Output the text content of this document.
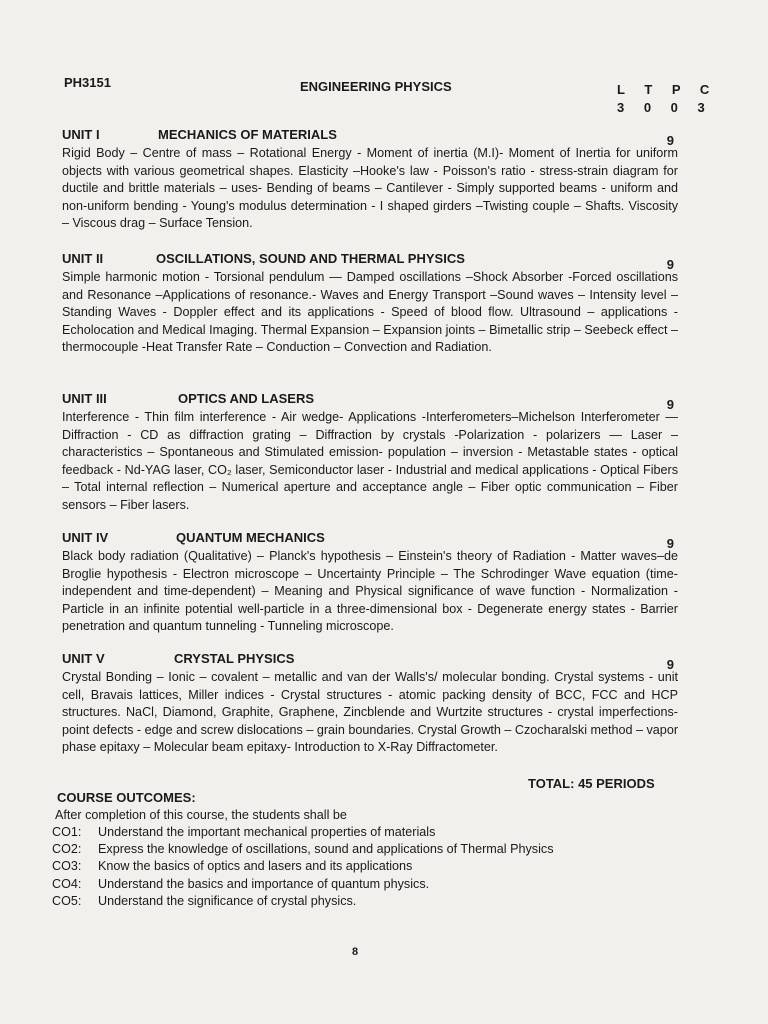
PH3151	ENGINEERING PHYSICS	L T P C
3 0 0 3
UNIT I	MECHANICS OF MATERIALS	9
Rigid Body – Centre of mass – Rotational Energy - Moment of inertia (M.I)- Moment of Inertia for uniform objects with various geometrical shapes. Elasticity –Hooke's law - Poisson's ratio - stress-strain diagram for ductile and brittle materials – uses- Bending of beams – Cantilever - Simply supported beams - uniform and non-uniform bending - Young's modulus determination - I shaped girders –Twisting couple – Shafts. Viscosity – Viscous drag – Surface Tension.
UNIT II	OSCILLATIONS, SOUND AND THERMAL PHYSICS	9
Simple harmonic motion - Torsional pendulum — Damped oscillations –Shock Absorber -Forced oscillations and Resonance –Applications of resonance.- Waves and Energy Transport –Sound waves – Intensity level – Standing Waves - Doppler effect and its applications - Speed of blood flow. Ultrasound – applications - Echolocation and Medical Imaging. Thermal Expansion – Expansion joints – Bimetallic strip – Seebeck effect – thermocouple -Heat Transfer Rate – Conduction – Convection and Radiation.
UNIT III	OPTICS AND LASERS	9
Interference - Thin film interference - Air wedge- Applications -Interferometers–Michelson Interferometer — Diffraction - CD as diffraction grating – Diffraction by crystals -Polarization - polarizers — Laser – characteristics – Spontaneous and Stimulated emission- population – inversion - Metastable states - optical feedback - Nd-YAG laser, CO₂ laser, Semiconductor laser - Industrial and medical applications - Optical Fibers – Total internal reflection – Numerical aperture and acceptance angle – Fiber optic communication – Fiber sensors – Fiber lasers.
UNIT IV	QUANTUM MECHANICS	9
Black body radiation (Qualitative) – Planck's hypothesis – Einstein's theory of Radiation - Matter waves–de Broglie hypothesis - Electron microscope – Uncertainty Principle – The Schrodinger Wave equation (time-independent and time-dependent) – Meaning and Physical significance of wave function - Normalization - Particle in an infinite potential well-particle in a three-dimensional box - Degenerate energy states - Barrier penetration and quantum tunneling - Tunneling microscope.
UNIT V	CRYSTAL PHYSICS	9
Crystal Bonding – Ionic – covalent – metallic and van der Walls's/ molecular bonding. Crystal systems - unit cell, Bravais lattices, Miller indices - Crystal structures - atomic packing density of BCC, FCC and HCP structures. NaCl, Diamond, Graphite, Graphene, Zincblende and Wurtzite structures - crystal imperfections- point defects - edge and screw dislocations – grain boundaries. Crystal Growth – Czocharalski method – vapor phase epitaxy – Molecular beam epitaxy- Introduction to X-Ray Diffractometer.
TOTAL: 45 PERIODS
COURSE OUTCOMES:
After completion of this course, the students shall be
CO1: Understand the important mechanical properties of materials
CO2: Express the knowledge of oscillations, sound and applications of Thermal Physics
CO3: Know the basics of optics and lasers and its applications
CO4: Understand the basics and importance of quantum physics.
CO5: Understand the significance of crystal physics.
8
